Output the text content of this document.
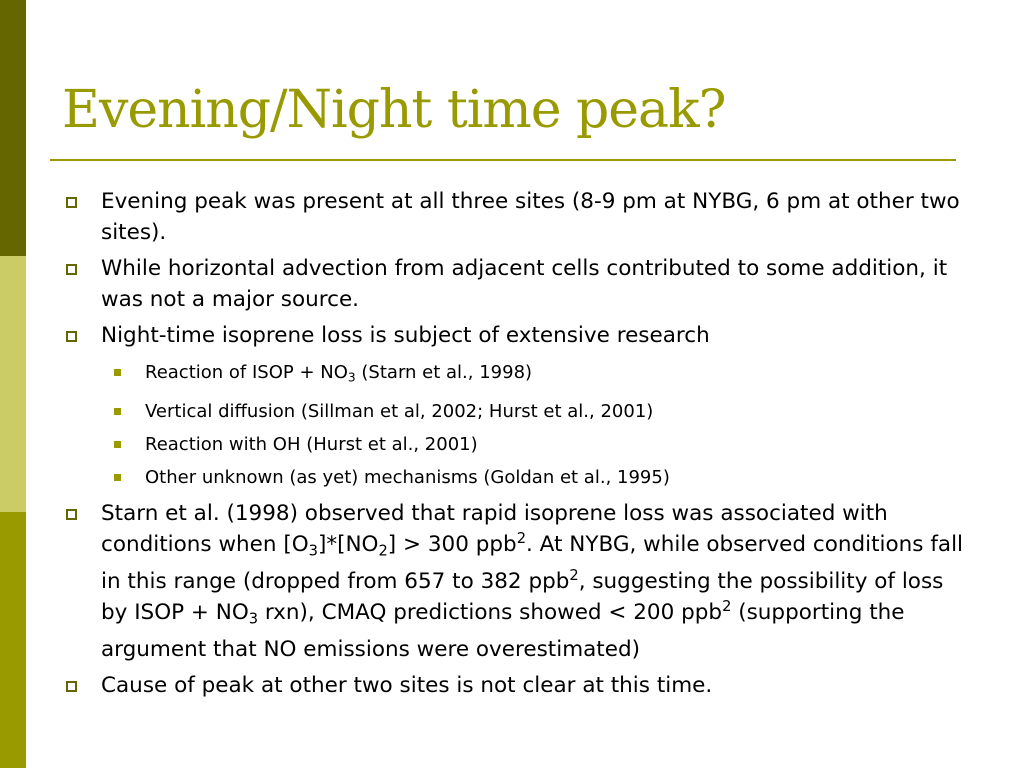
Evening/Night time peak?
Evening peak was present at all three sites (8-9 pm at NYBG, 6 pm at other two sites).
While horizontal advection from adjacent cells contributed to some addition, it was not a major source.
Night-time isoprene loss is subject of extensive research
Reaction of ISOP + $NO_3$ (Starn et al., 1998)
Vertical diffusion (Sillman et al, 2002; Hurst et al., 2001)
Reaction with OH (Hurst et al., 2001)
Other unknown (as yet) mechanisms (Goldan et al., 1995)
Starn et al. (1998) observed that rapid isoprene loss was associated with conditions when $[O_3]*[NO_2] > 300$ ppb$^2$. At NYBG, while observed conditions fall in this range (dropped from 657 to 382 ppb$^2$, suggesting the possibility of loss by ISOP + $NO_3$ rxn), CMAQ predictions showed < 200 ppb$^2$ (supporting the argument that NO emissions were overestimated)
Cause of peak at other two sites is not clear at this time.
